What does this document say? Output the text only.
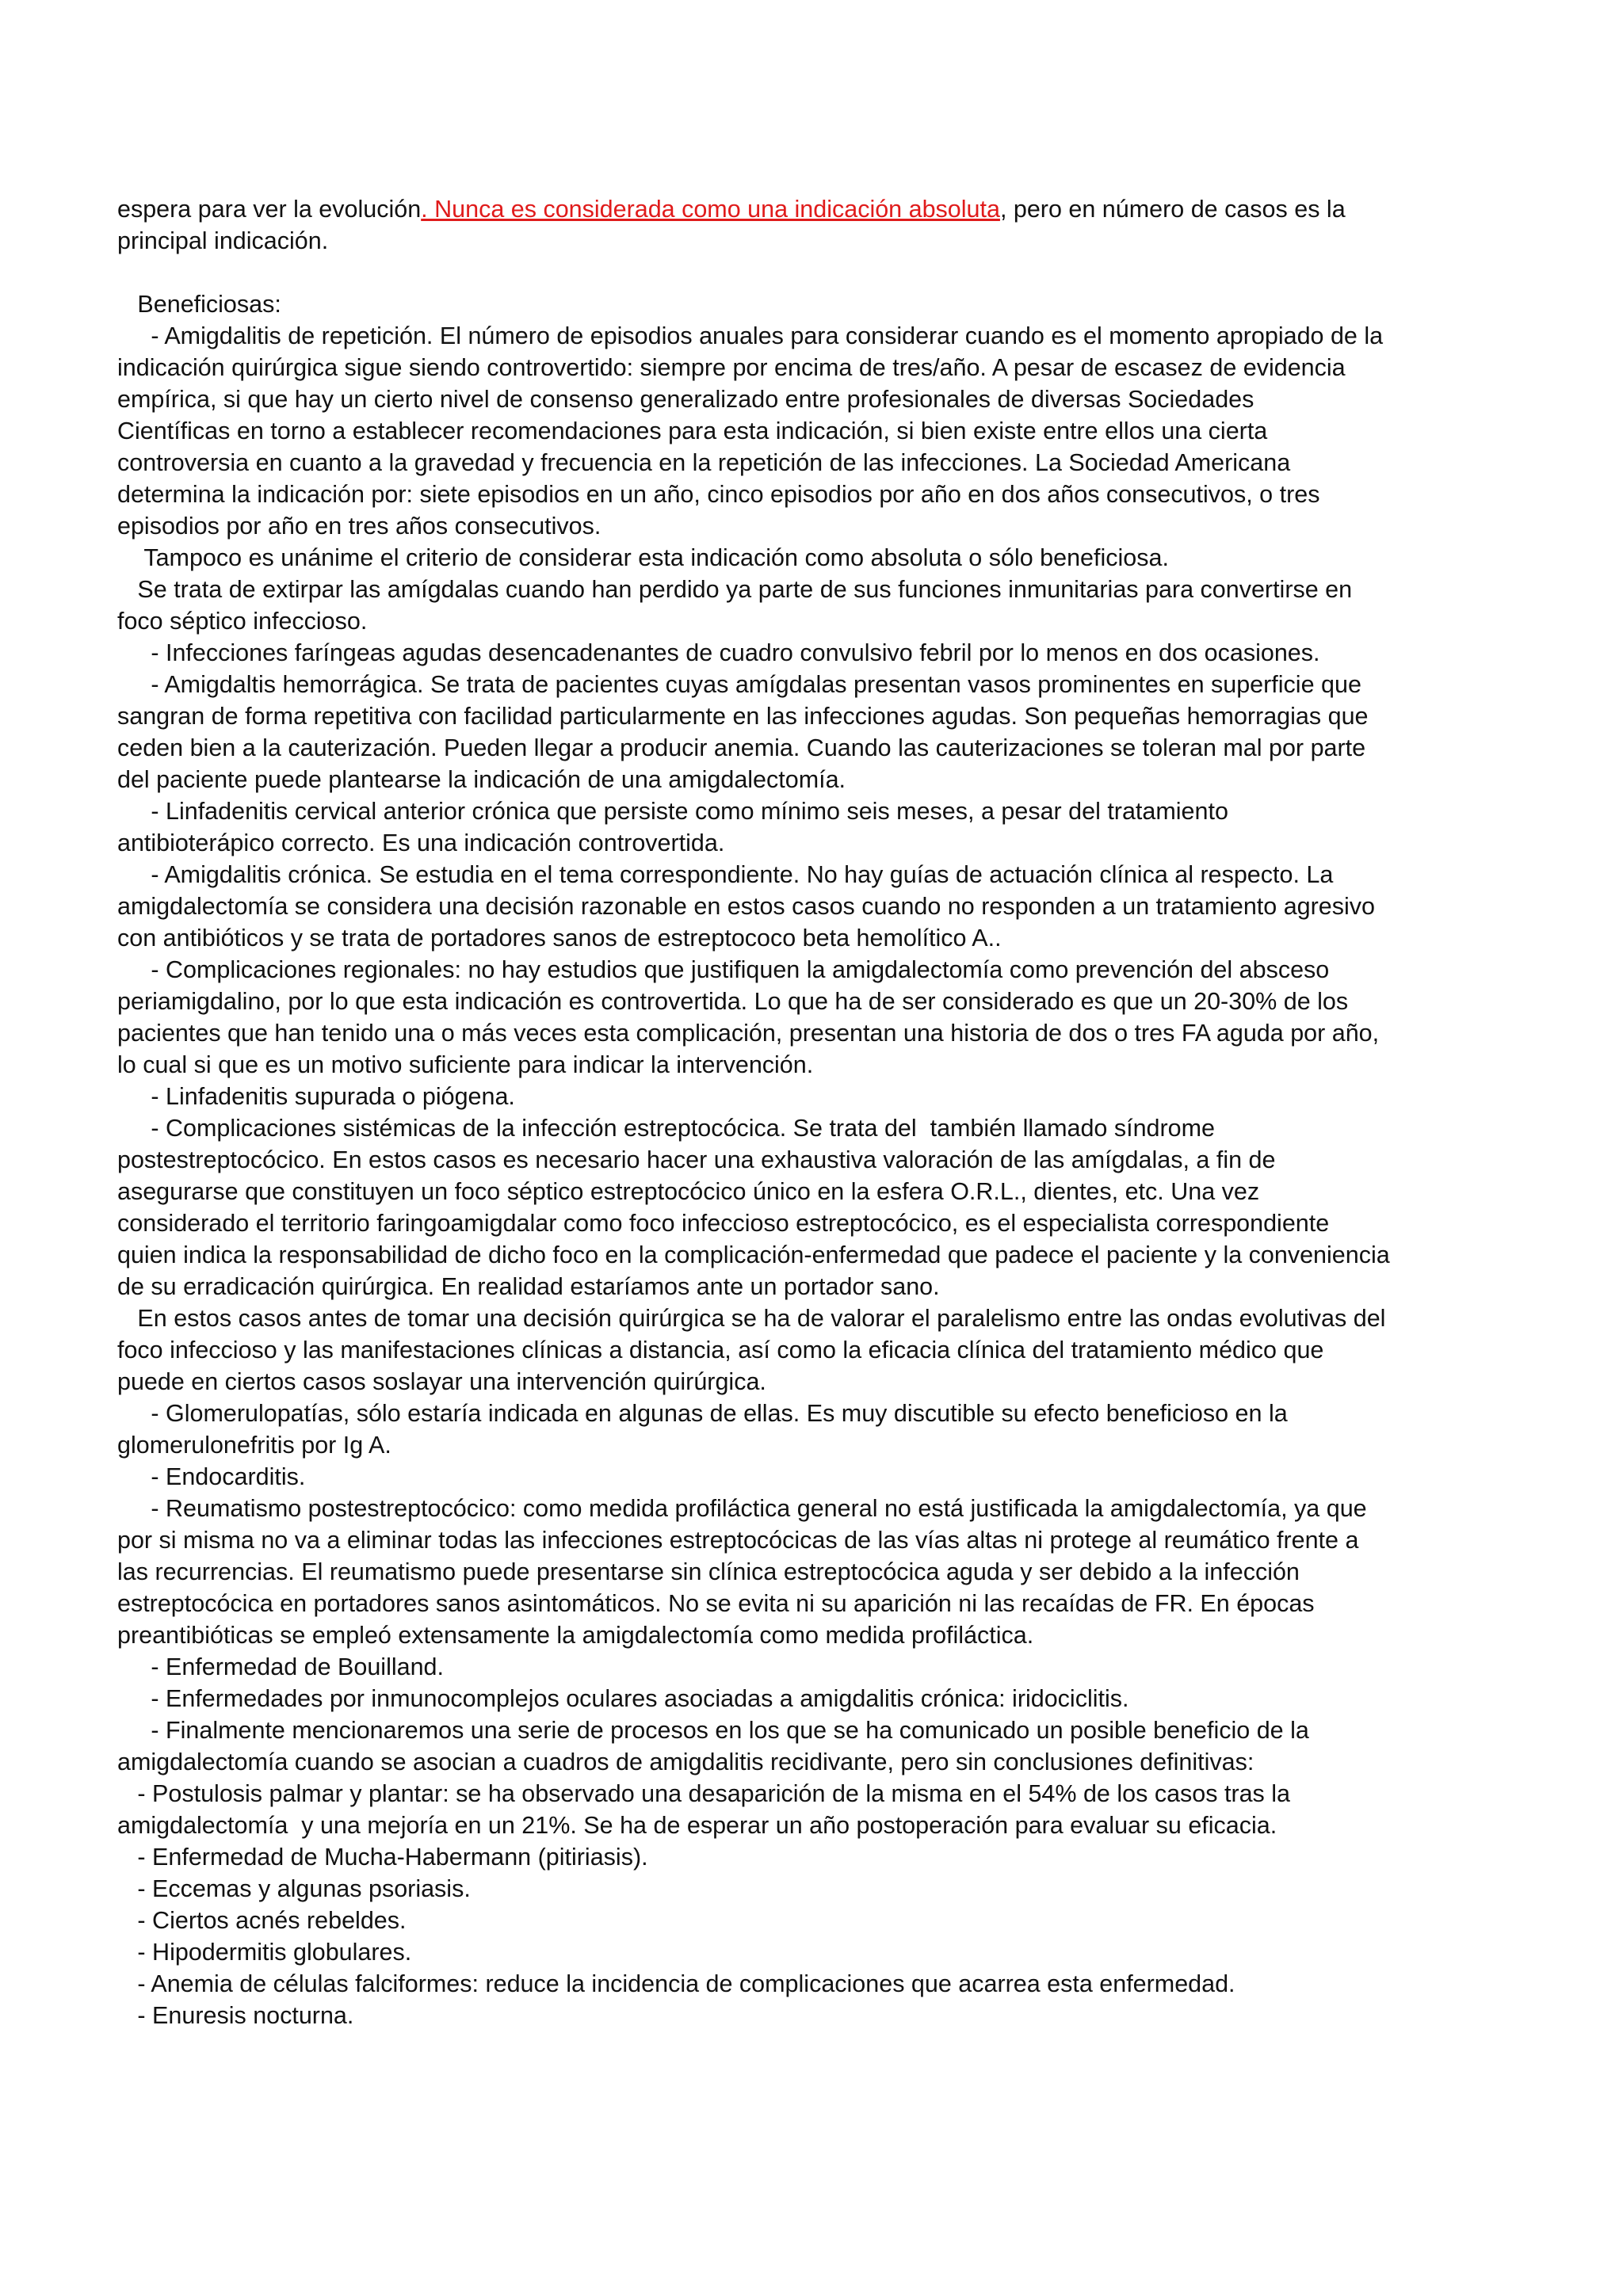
espera para ver la evolución. Nunca es considerada como una indicación absoluta, pero en número de casos es la

principal indicación.

Beneficiosas:

- Amigdalitis de repetición. El número de episodios anuales para considerar cuando es el momento apropiado de la

indicación quirúrgica sigue siendo controvertido: siempre por encima de tres/año. A pesar de escasez de evidencia

empírica, si que hay un cierto nivel de consenso generalizado entre profesionales de diversas Sociedades

Científicas en torno a establecer recomendaciones para esta indicación, si bien existe entre ellos una cierta

controversia en cuanto a la gravedad y frecuencia en la repetición de las infecciones. La Sociedad Americana

determina la indicación por: siete episodios en un año, cinco episodios por año en dos años consecutivos, o tres

episodios por año en tres años consecutivos.

Tampoco es unánime el criterio de considerar esta indicación como absoluta o sólo beneficiosa.

Se trata de extirpar las amígdalas cuando han perdido ya parte de sus funciones inmunitarias para convertirse en

foco séptico infeccioso.

- Infecciones faríngeas agudas desencadenantes de cuadro convulsivo febril por lo menos en dos ocasiones.

- Amigdaltis hemorrágica. Se trata de pacientes cuyas amígdalas presentan vasos prominentes en superficie que

sangran de forma repetitiva con facilidad particularmente en las infecciones agudas. Son pequeñas hemorragias que

ceden bien a la cauterización. Pueden llegar a producir anemia. Cuando las cauterizaciones se toleran mal por parte

del paciente puede plantearse la indicación de una amigdalectomía.

- Linfadenitis cervical anterior crónica que persiste como mínimo seis meses, a pesar del tratamiento

antibioterápico correcto. Es una indicación controvertida.

- Amigdalitis crónica. Se estudia en el tema correspondiente. No hay guías de actuación clínica al respecto. La

amigdalectomía se considera una decisión razonable en estos casos cuando no responden a un tratamiento agresivo

con antibióticos y se trata de portadores sanos de estreptococo beta hemolítico A..

- Complicaciones regionales: no hay estudios que justifiquen la amigdalectomía como prevención del absceso

periamigdalino, por lo que esta indicación es controvertida. Lo que ha de ser considerado es que un 20-30% de los

pacientes que han tenido una o más veces esta complicación, presentan una historia de dos o tres FA aguda por año,

lo cual si que es un motivo suficiente para indicar la intervención.

- Linfadenitis supurada o piógena.

- Complicaciones sistémicas de la infección estreptocócica. Se trata del  también llamado síndrome

postestreptocócico. En estos casos es necesario hacer una exhaustiva valoración de las amígdalas, a fin de

asegurarse que constituyen un foco séptico estreptocócico único en la esfera O.R.L., dientes, etc. Una vez

considerado el territorio faringoamigdalar como foco infeccioso estreptocócico, es el especialista correspondiente

quien indica la responsabilidad de dicho foco en la complicación-enfermedad que padece el paciente y la conveniencia

de su erradicación quirúrgica. En realidad estaríamos ante un portador sano.

En estos casos antes de tomar una decisión quirúrgica se ha de valorar el paralelismo entre las ondas evolutivas del

foco infeccioso y las manifestaciones clínicas a distancia, así como la eficacia clínica del tratamiento médico que

puede en ciertos casos soslayar una intervención quirúrgica.

- Glomerulopatías, sólo estaría indicada en algunas de ellas. Es muy discutible su efecto beneficioso en la

glomerulonefritis por Ig A.

- Endocarditis.

- Reumatismo postestreptocócico: como medida profiláctica general no está justificada la amigdalectomía, ya que

por si misma no va a eliminar todas las infecciones estreptocócicas de las vías altas ni protege al reumático frente a

las recurrencias. El reumatismo puede presentarse sin clínica estreptocócica aguda y ser debido a la infección

estreptocócica en portadores sanos asintomáticos. No se evita ni su aparición ni las recaídas de FR. En épocas

preantibióticas se empleó extensamente la amigdalectomía como medida profiláctica.

- Enfermedad de Bouilland.

- Enfermedades por inmunocomplejos oculares asociadas a amigdalitis crónica: iridociclitis.

- Finalmente mencionaremos una serie de procesos en los que se ha comunicado un posible beneficio de la

amigdalectomía cuando se asocian a cuadros de amigdalitis recidivante, pero sin conclusiones definitivas:

- Postulosis palmar y plantar: se ha observado una desaparición de la misma en el 54% de los casos tras la

amigdalectomía  y una mejoría en un 21%. Se ha de esperar un año postoperación para evaluar su eficacia.

- Enfermedad de Mucha-Habermann (pitiriasis).

- Eccemas y algunas psoriasis.

- Ciertos acnés rebeldes.

- Hipodermitis globulares.

- Anemia de células falciformes: reduce la incidencia de complicaciones que acarrea esta enfermedad.

- Enuresis nocturna.
